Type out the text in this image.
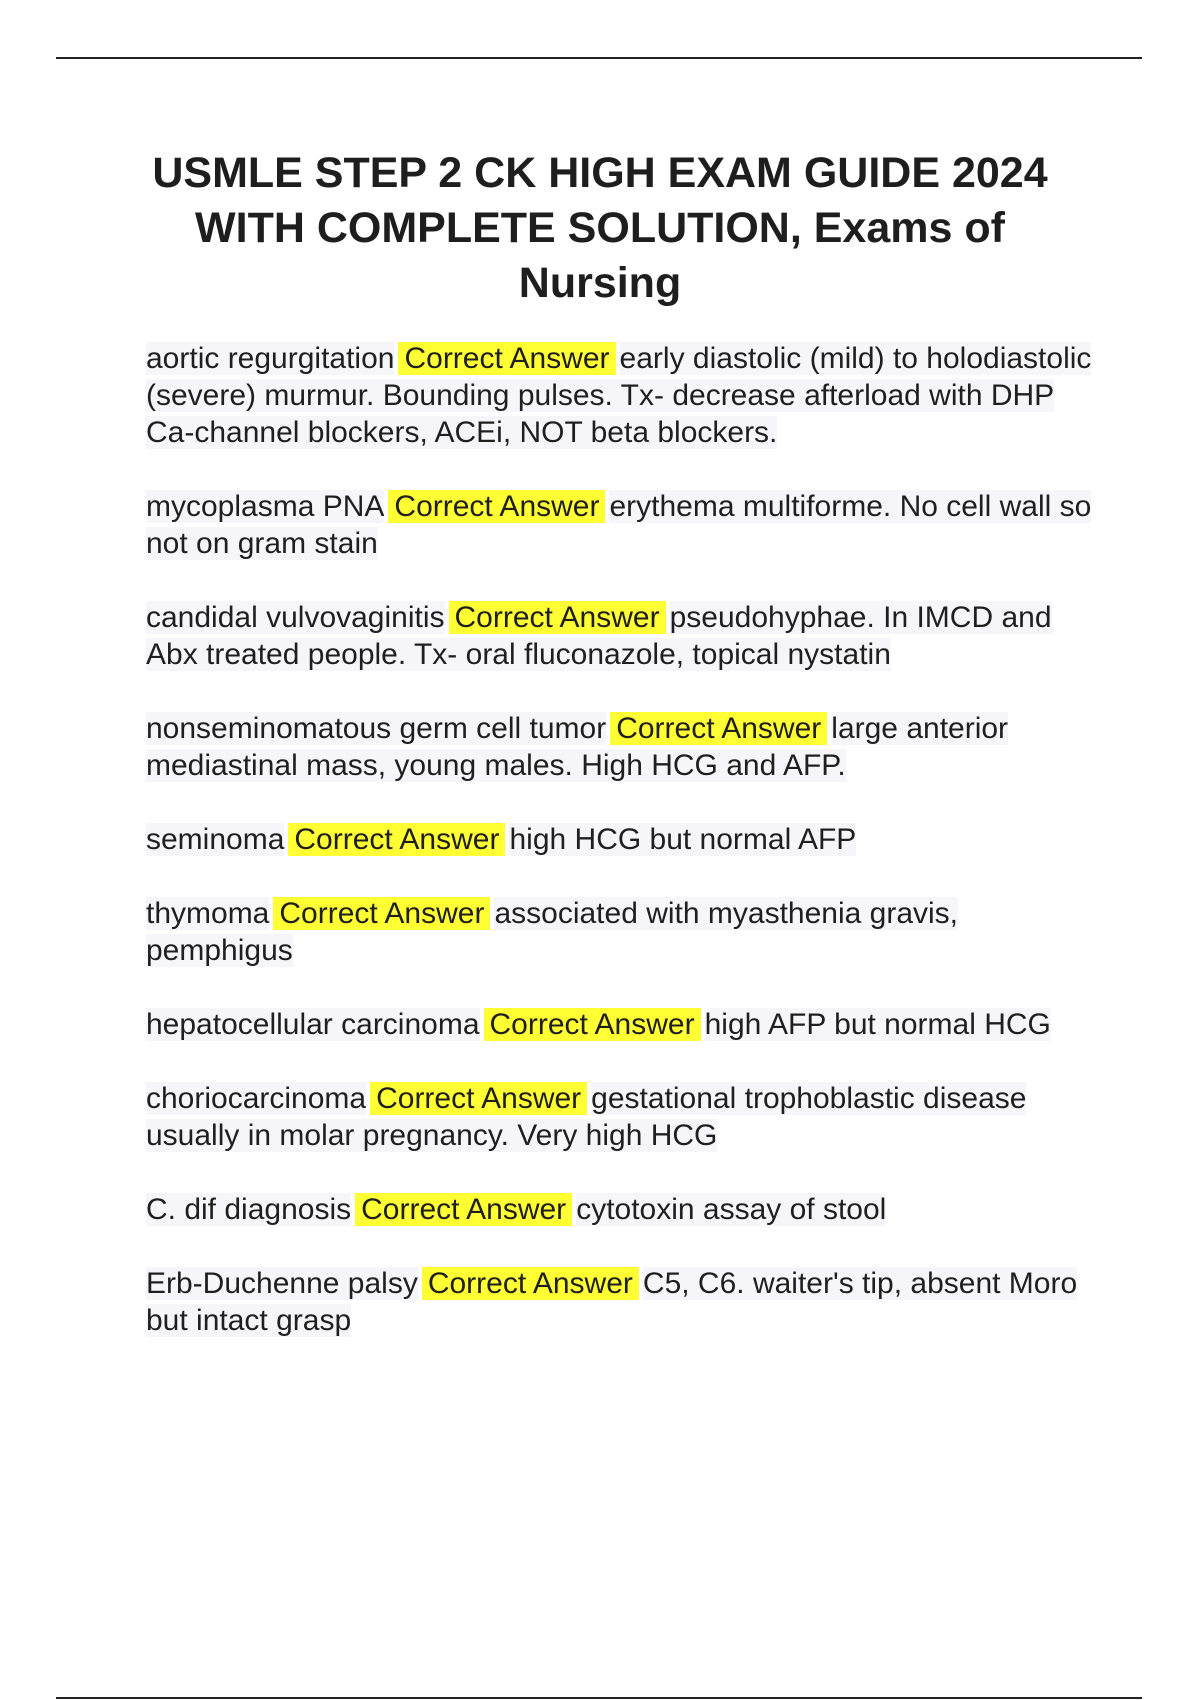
USMLE STEP 2 CK HIGH EXAM GUIDE 2024 WITH COMPLETE SOLUTION, Exams of Nursing

aortic regurgitation Correct Answer early diastolic (mild) to holodiastolic (severe) murmur. Bounding pulses. Tx- decrease afterload with DHP Ca-channel blockers, ACEi, NOT beta blockers.

mycoplasma PNA Correct Answer erythema multiforme. No cell wall so not on gram stain

candidal vulvovaginitis Correct Answer pseudohyphae. In IMCD and Abx treated people. Tx- oral fluconazole, topical nystatin

nonseminomatous germ cell tumor Correct Answer large anterior mediastinal mass, young males. High HCG and AFP.

seminoma Correct Answer high HCG but normal AFP

thymoma Correct Answer associated with myasthenia gravis, pemphigus

hepatocellular carcinoma Correct Answer high AFP but normal HCG

choriocarcinoma Correct Answer gestational trophoblastic disease usually in molar pregnancy. Very high HCG

C. dif diagnosis Correct Answer cytotoxin assay of stool

Erb-Duchenne palsy Correct Answer C5, C6. waiter's tip, absent Moro but intact grasp
